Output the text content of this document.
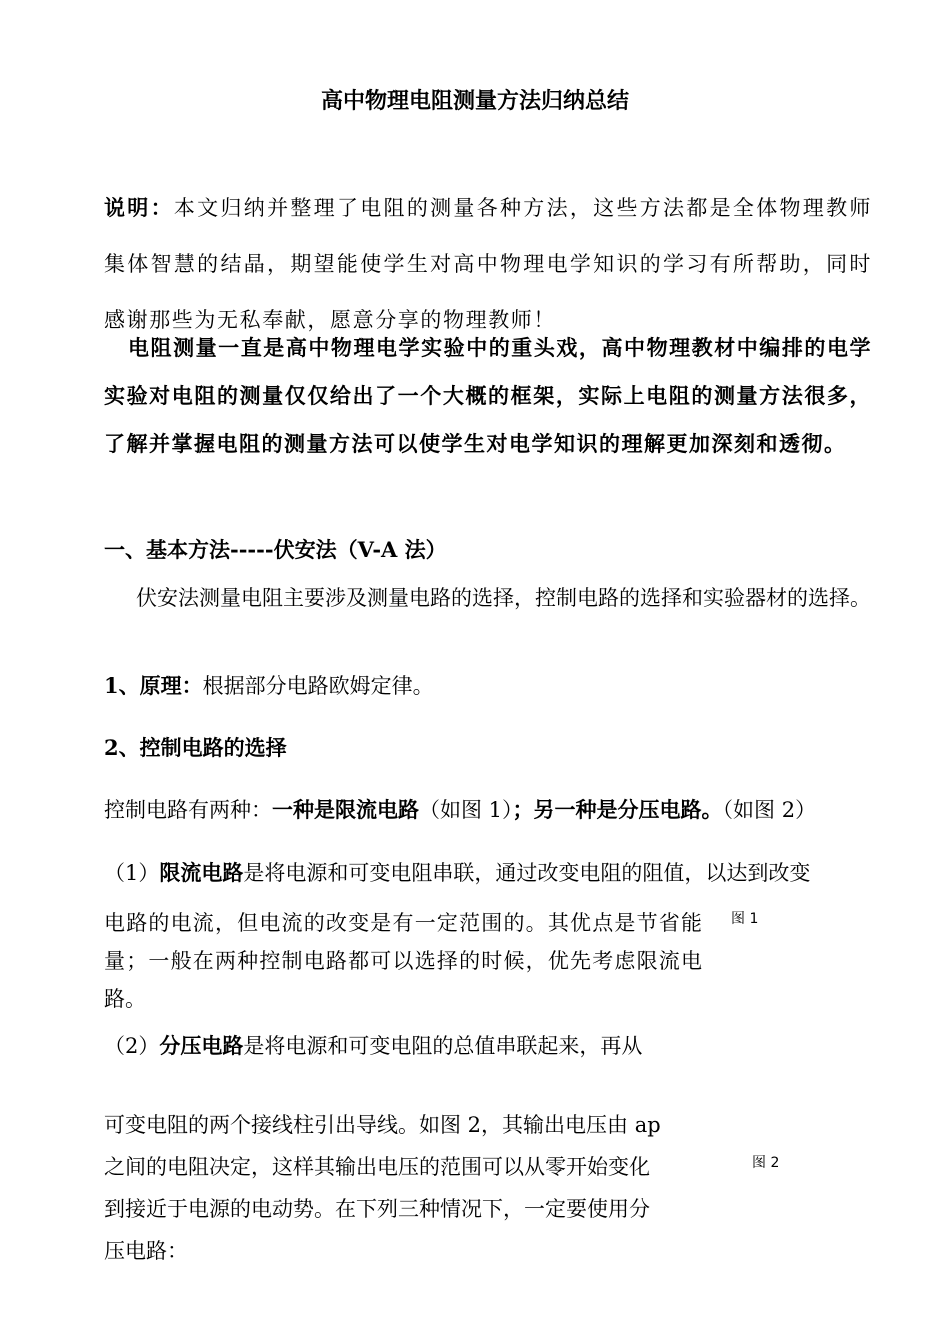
高中物理电阻测量方法归纳总结
说明：本文归纳并整理了电阻的测量各种方法，这些方法都是全体物理教师集体智慧的结晶，期望能使学生对高中物理电学知识的学习有所帮助，同时感谢那些为无私奉献，愿意分享的物理教师！
电阻测量一直是高中物理电学实验中的重头戏，高中物理教材中编排的电学实验对电阻的测量仅仅给出了一个大概的框架，实际上电阻的测量方法很多，了解并掌握电阻的测量方法可以使学生对电学知识的理解更加深刻和透彻。
一、基本方法-----伏安法（V-A 法）
伏安法测量电阻主要涉及测量电路的选择，控制电路的选择和实验器材的选择。
1、原理：根据部分电路欧姆定律。
2、控制电路的选择
控制电路有两种：一种是限流电路（如图 1）；另一种是分压电路。（如图 2）
（1）限流电路是将电源和可变电阻串联，通过改变电阻的阻值，以达到改变
电路的电流，但电流的改变是有一定范围的。其优点是节省能量；一般在两种控制电路都可以选择的时候，优先考虑限流电路。
图 1
（2）分压电路是将电源和可变电阻的总值串联起来，再从
可变电阻的两个接线柱引出导线。如图 2，其输出电压由 ap
之间的电阻决定，这样其输出电压的范围可以从零开始变化
到接近于电源的电动势。在下列三种情况下，一定要使用分
压电路：
图 2
